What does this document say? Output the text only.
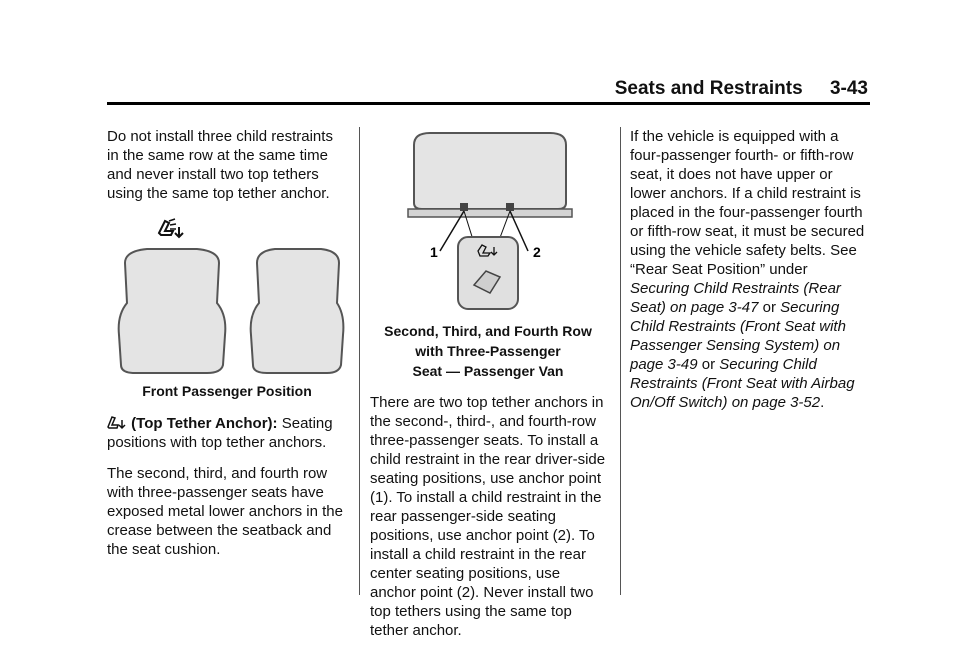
Seats and Restraints 3-43

Do not install three child restraints in the same row at the same time and never install two top tethers using the same top tether anchor.

Front Passenger Position

(Top Tether Anchor): Seating positions with top tether anchors.

The second, third, and fourth row with three-passenger seats have exposed metal lower anchors in the crease between the seatback and the seat cushion.

1	2
Second, Third, and Fourth Row
with Three-Passenger
Seat — Passenger Van

There are two top tether anchors in the second-, third-, and fourth-row three-passenger seats. To install a child restraint in the rear driver-side seating positions, use anchor point (1). To install a child restraint in the rear passenger-side seating positions, use anchor point (2). To install a child restraint in the rear center seating positions, use anchor point (2). Never install two top tethers using the same top tether anchor.

If the vehicle is equipped with a four-passenger fourth- or fifth-row seat, it does not have upper or lower anchors. If a child restraint is placed in the four-passenger fourth or fifth-row seat, it must be secured using the vehicle safety belts. See “Rear Seat Position” under Securing Child Restraints (Rear Seat) on page 3-47 or Securing Child Restraints (Front Seat with Passenger Sensing System) on page 3-49 or Securing Child Restraints (Front Seat with Airbag On/Off Switch) on page 3-52.
